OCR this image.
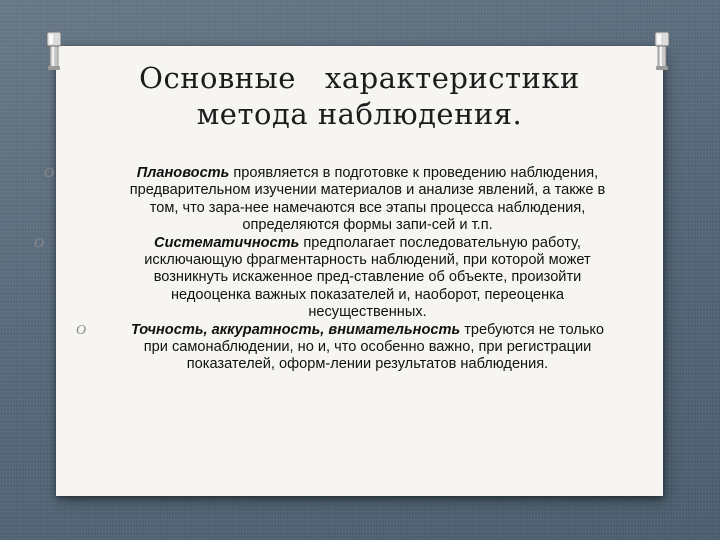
Основные   характеристики
метода наблюдения.

O	Плановость проявляется в подготовке к проведению наблюдения, предварительном изучении материалов и анализе явлений, а также в том, что зара-нее намечаются все этапы процесса наблюдения, определяются формы запи-сей и т.п.

O	Систематичность предполагает последовательную работу, исключающую фрагментарность наблюдений, при которой может возникнуть искаженное пред-ставление об объекте, произойти недооценка важных показателей и, наоборот, переоценка несущественных.

O	Точность, аккуратность, внимательность требуются не только при самонаблюдении, но и, что особенно важно, при регистрации показателей, оформ-лении результатов наблюдения.
